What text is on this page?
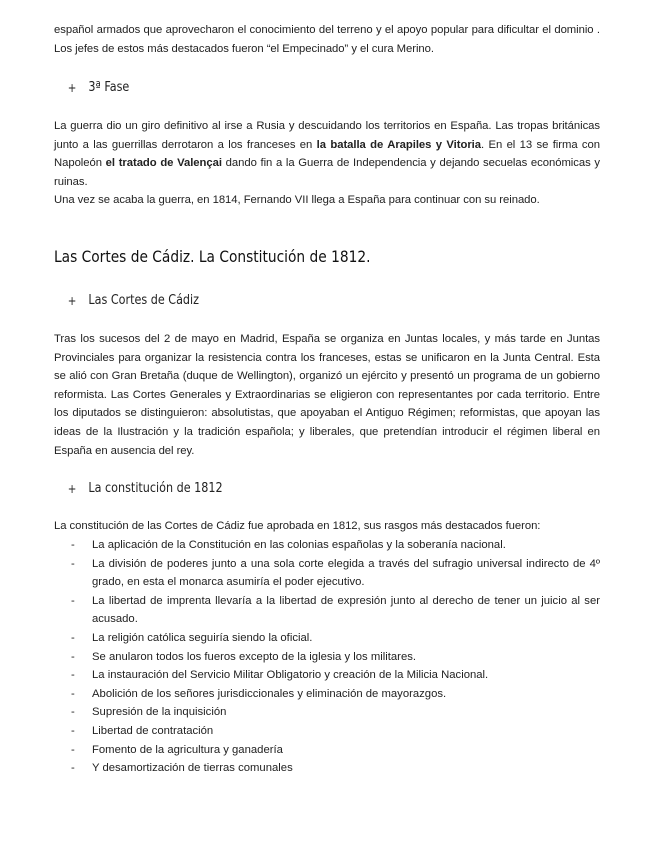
español armados que aprovecharon el conocimiento del terreno y el apoyo popular para dificultar el dominio . Los jefes de estos más destacados fueron “el Empecinado” y el cura Merino.

+ 3ª Fase

La guerra dio un giro definitivo al irse a Rusia y descuidando los territorios en España. Las tropas británicas junto a las guerrillas derrotaron a los franceses en la batalla de Arapiles y Vitoria. En el 13 se firma con Napoleón el tratado de Valençai dando fin a la Guerra de Independencia y dejando secuelas económicas y ruinas.
Una vez se acaba la guerra, en 1814, Fernando VII llega a España para continuar con su reinado.

Las Cortes de Cádiz. La Constitución de 1812.
+ Las Cortes de Cádiz

Tras los sucesos del 2 de mayo en Madrid, España se organiza en Juntas locales, y más tarde en Juntas Provinciales para organizar la resistencia contra los franceses, estas se unificaron en la Junta Central. Esta se alió con Gran Bretaña (duque de Wellington), organizó un ejército y presentó un programa de un gobierno reformista. Las Cortes Generales y Extraordinarias se eligieron con representantes por cada territorio. Entre los diputados se distinguieron: absolutistas, que apoyaban el Antiguo Régimen; reformistas, que apoyan las ideas de la Ilustración y la tradición española; y liberales, que pretendían introducir el régimen liberal en España en ausencia del rey.

+ La constitución de 1812

La constitución de las Cortes de Cádiz fue aprobada en 1812, sus rasgos más destacados fueron:

- La aplicación de la Constitución en las colonias españolas y la soberanía nacional.
- La división de poderes junto a una sola corte elegida a través del sufragio universal indirecto de 4º grado, en esta el monarca asumiría el poder ejecutivo.
- La libertad de imprenta llevaría a la libertad de expresión junto al derecho de tener un juicio al ser acusado.
- La religión católica seguiría siendo la oficial.
- Se anularon todos los fueros excepto de la iglesia y los militares.
- La instauración del Servicio Militar Obligatorio y creación de la Milicia Nacional.
- Abolición de los señores jurisdiccionales y eliminación de mayorazgos.
- Supresión de la inquisición
- Libertad de contratación
- Fomento de la agricultura y ganadería
- Y desamortización de tierras comunales
